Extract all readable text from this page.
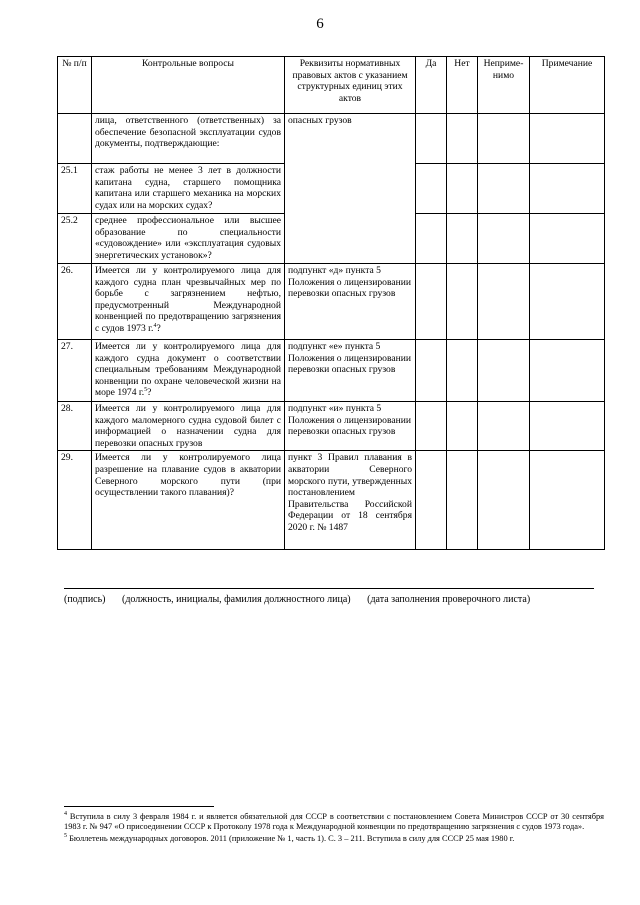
6
№ п/п	Контрольные вопросы	Реквизиты нормативных правовых актов с указанием структурных единиц этих актов	Да	Нет	Непримe-нимо	Примечание
	лица, ответственного (ответственных) за обеспечение безопасной эксплуатации судов документы, подтверждающие:	опасных грузов				
25.1	стаж работы не менее 3 лет в должности капитана судна, старшего помощника капитана или старшего механика на морских судах или на морских судах?					
25.2	среднее профессиональное или высшее образование по специальности «судовождение» или «эксплуатация судовых энергетических установок»?					
26.	Имеется ли у контролируемого лица для каждого судна план чрезвычайных мер по борьбе с загрязнением нефтью, предусмотренный Международной конвенцией по предотвращению загрязнения с судов 1973 г.$^4$?	подпункт «д» пункта 5 Положения о лицензировании перевозки опасных грузов				
27.	Имеется ли у контролируемого лица для каждого судна документ о соответствии специальным требованиям Международной конвенции по охране человеческой жизни на море 1974 г.$^5$?	подпункт «е» пункта 5 Положения о лицензировании перевозки опасных грузов				
28.	Имеется ли у контролируемого лица для каждого маломерного судна судовой билет с информацией о назначении судна для перевозки опасных грузов	подпункт «и» пункта 5 Положения о лицензировании перевозки опасных грузов				
29.	Имеется ли у контролируемого лица разрешение на плавание судов в акватории Северного морского пути (при осуществлении такого плавания)?	пункт 3 Правил плавания в акватории Северного морского пути, утвержденных постановлением Правительства Российской Федерации от 18 сентября 2020 г. № 1487				
(подпись) (должность, инициалы, фамилия должностного лица) (дата заполнения проверочного листа)

$^4$ Вступила в силу 3 февраля 1984 г. и является обязательной для СССР в соответствии с постановлением Совета Министров СССР от 30 сентября 1983 г. № 947 «О присоединении СССР к Протоколу 1978 года к Международной конвенции по предотвращению загрязнения с судов 1973 года».

$^5$ Бюллетень международных договоров. 2011 (приложение № 1, часть 1). С. 3 – 211. Вступила в силу для СССР 25 мая 1980 г.
